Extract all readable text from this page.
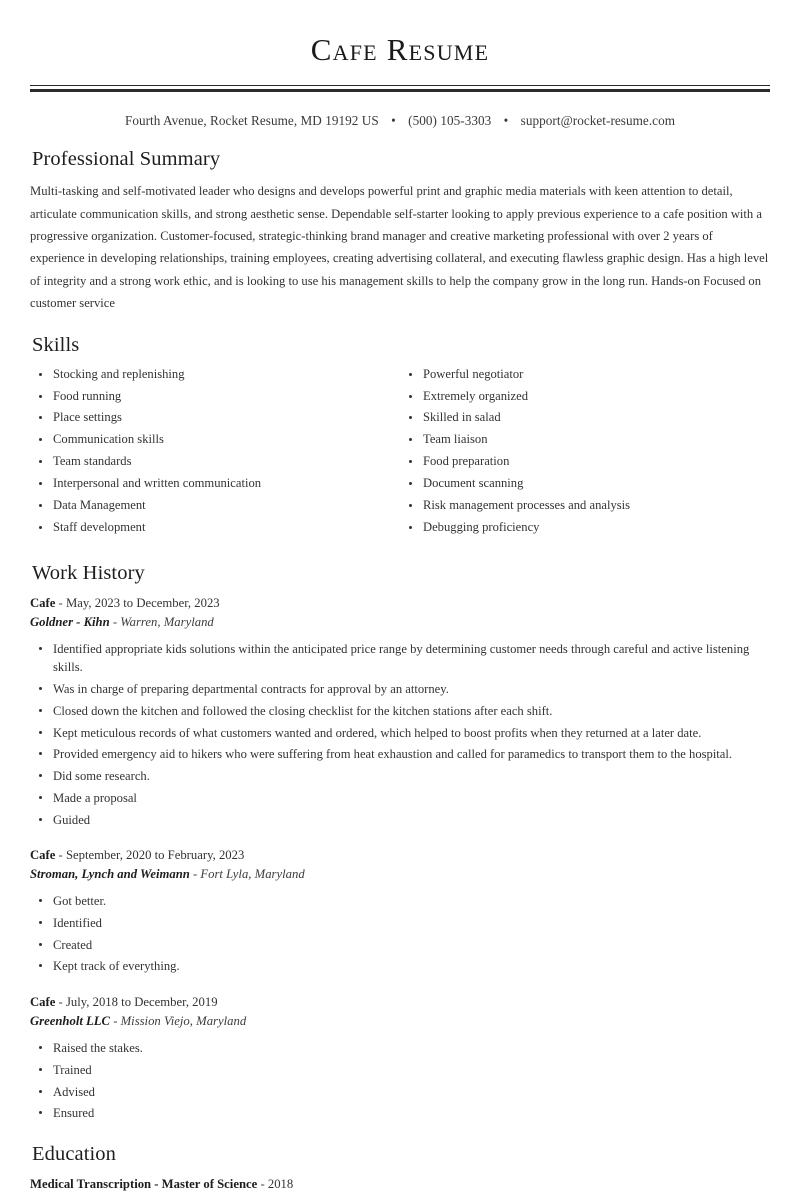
Cafe Resume
Fourth Avenue, Rocket Resume, MD 19192 US • (500) 105-3303 • support@rocket-resume.com
Professional Summary

Multi-tasking and self-motivated leader who designs and develops powerful print and graphic media materials with keen attention to detail, articulate communication skills, and strong aesthetic sense. Dependable self-starter looking to apply previous experience to a cafe position with a progressive organization. Customer-focused, strategic-thinking brand manager and creative marketing professional with over 2 years of experience in developing relationships, training employees, creating advertising collateral, and executing flawless graphic design. Has a high level of integrity and a strong work ethic, and is looking to use his management skills to help the company grow in the long run. Hands-on Focused on customer service

Skills
Stocking and replenishing
Food running
Place settings
Communication skills
Team standards
Interpersonal and written communication
Data Management
Staff development
Powerful negotiator
Extremely organized
Skilled in salad
Team liaison
Food preparation
Document scanning
Risk management processes and analysis
Debugging proficiency
Work History
Cafe - May, 2023 to December, 2023
Goldner - Kihn - Warren, Maryland
Identified appropriate kids solutions within the anticipated price range by determining customer needs through careful and active listening skills.
Was in charge of preparing departmental contracts for approval by an attorney.
Closed down the kitchen and followed the closing checklist for the kitchen stations after each shift.
Kept meticulous records of what customers wanted and ordered, which helped to boost profits when they returned at a later date.
Provided emergency aid to hikers who were suffering from heat exhaustion and called for paramedics to transport them to the hospital.
Did some research.
Made a proposal
Guided
Cafe - September, 2020 to February, 2023
Stroman, Lynch and Weimann - Fort Lyla, Maryland
Got better.
Identified
Created
Kept track of everything.
Cafe - July, 2018 to December, 2019
Greenholt LLC - Mission Viejo, Maryland
Raised the stakes.
Trained
Advised
Ensured
Education
Medical Transcription - Master of Science - 2018
